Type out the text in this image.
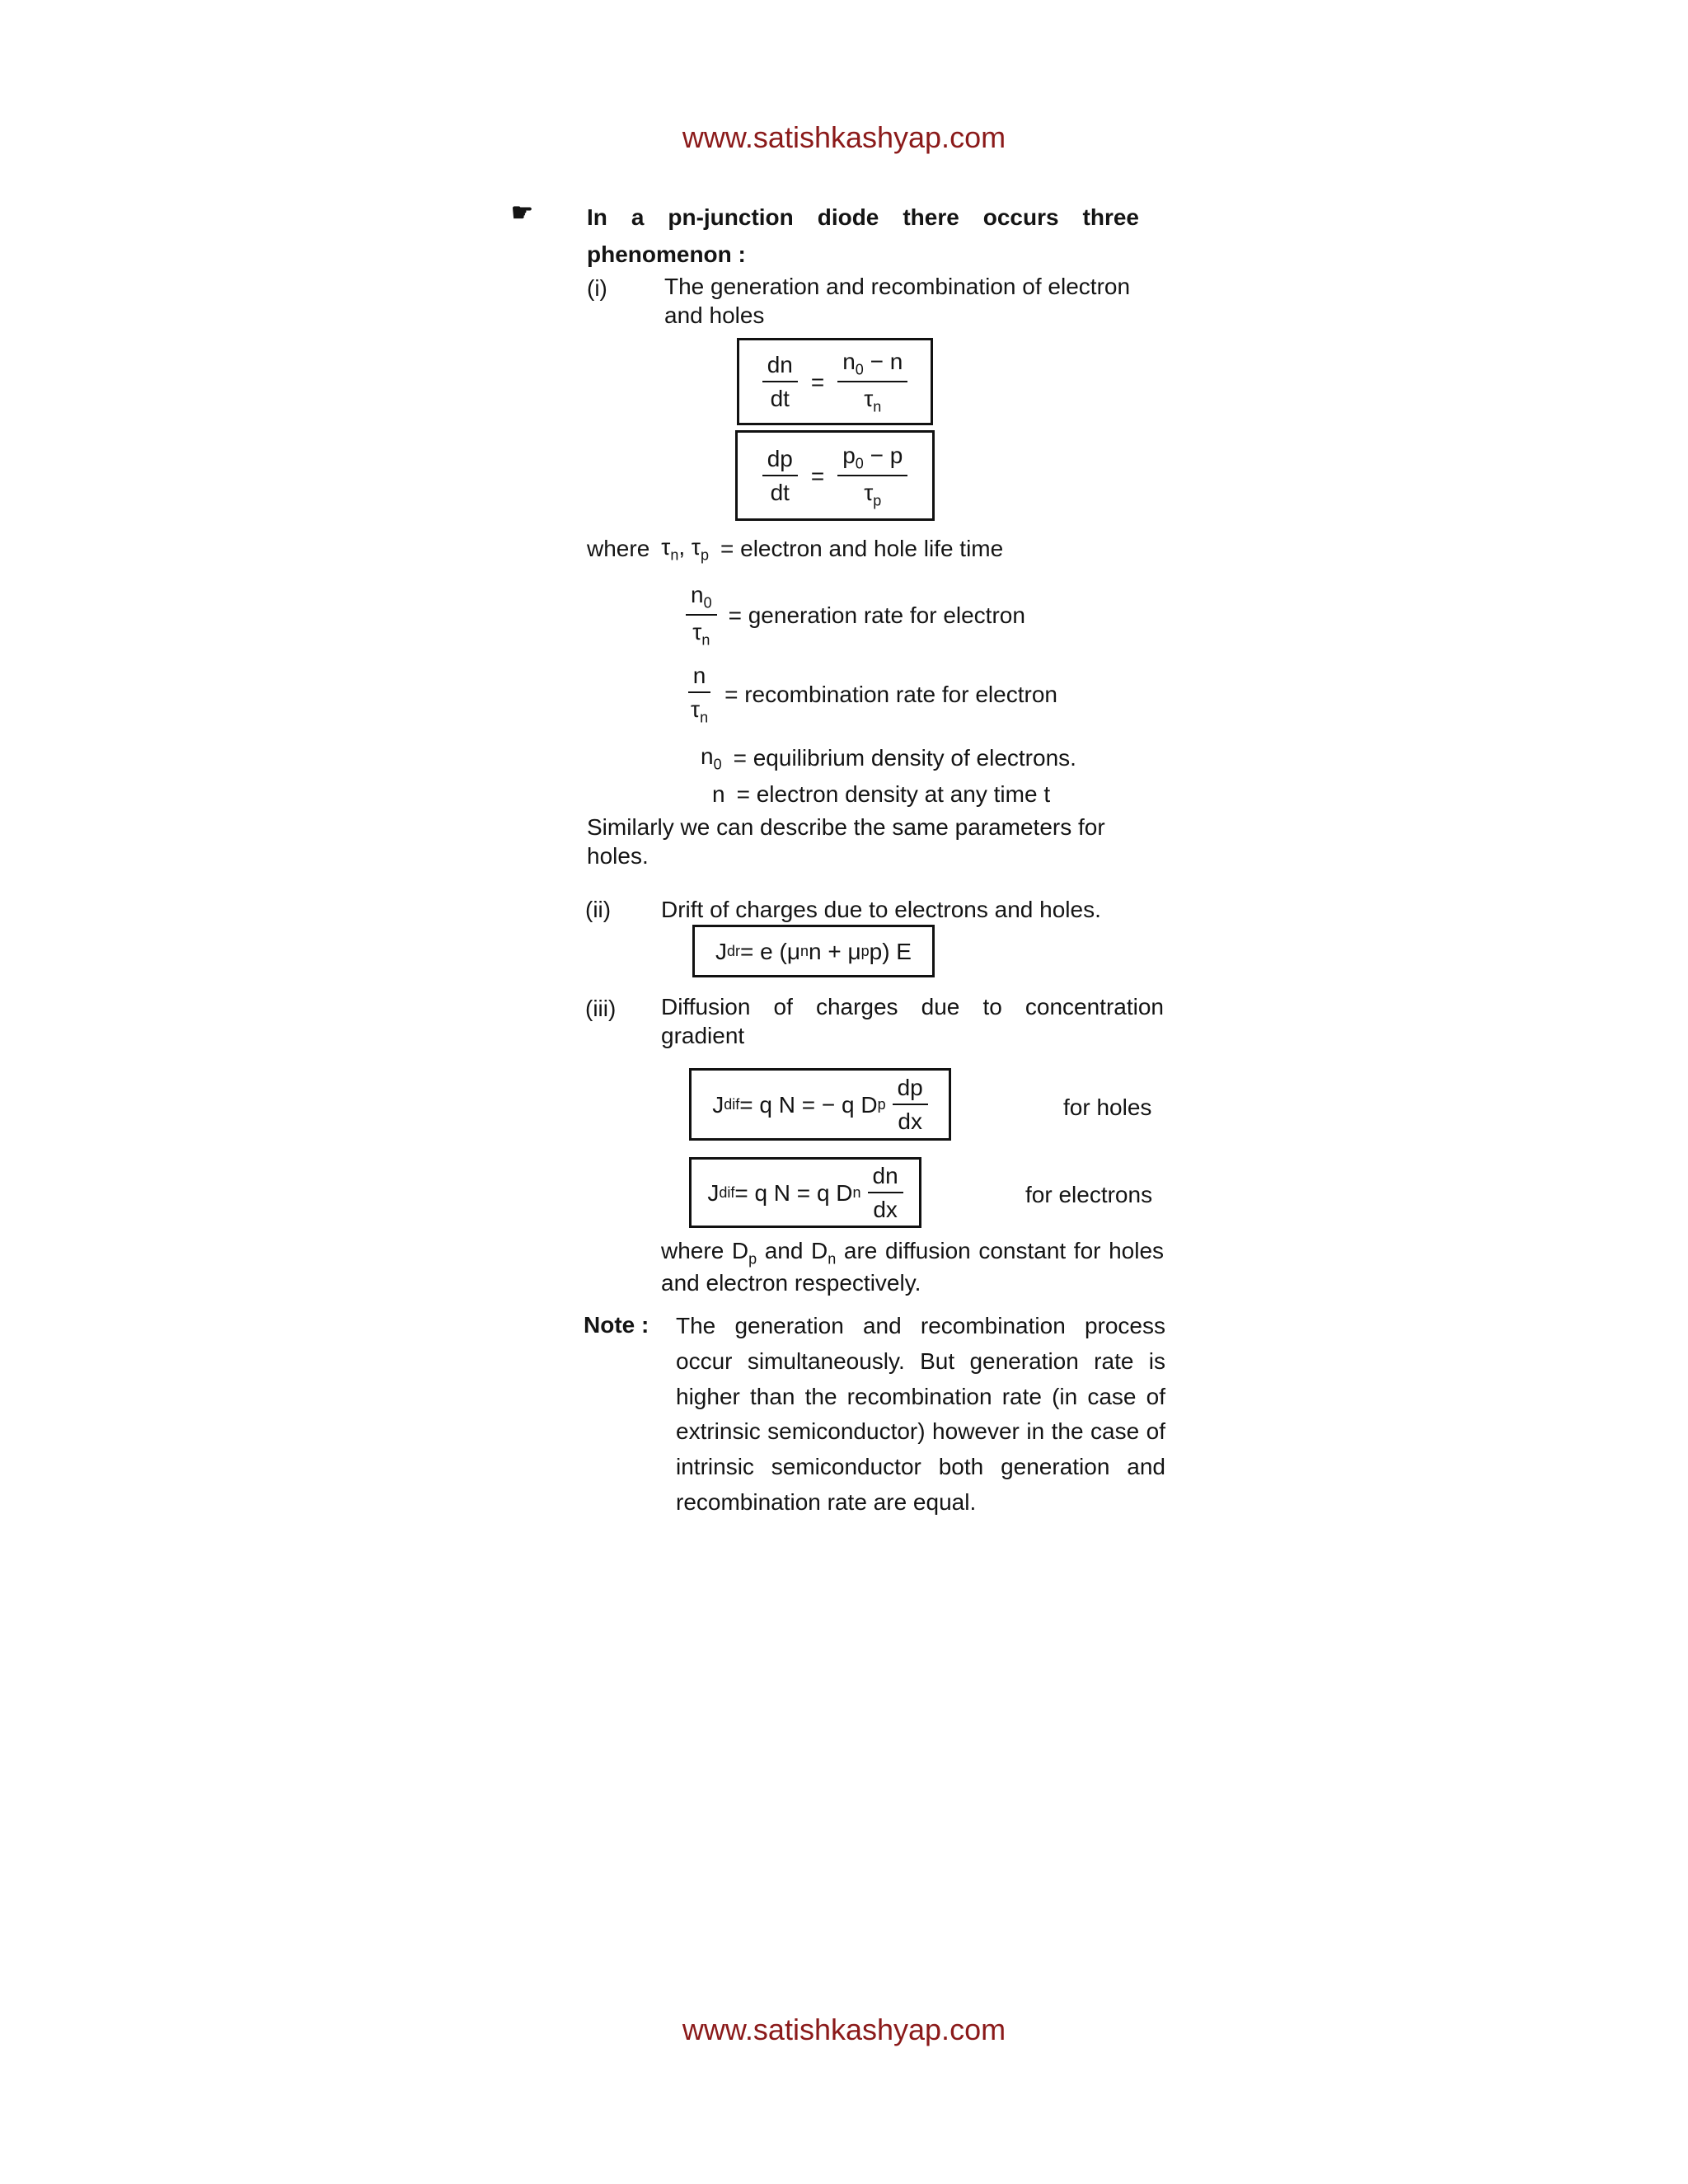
www.satishkashyap.com
☛ In a pn-junction diode there occurs three phenomenon :
(i) The generation and recombination of electron and holes
$\frac{dn}{dt} = \frac{n_0 - n}{\tau_n}$
$\frac{dp}{dt} = \frac{p_0 - p}{\tau_p}$
where $\tau_n$, $\tau_p$ = electron and hole life time
$\frac{n_0}{\tau_n}$ = generation rate for electron
$\frac{n}{\tau_n}$ = recombination rate for electron
$n_0$ = equilibrium density of electrons.
n = electron density at any time t
Similarly we can describe the same parameters for holes.
(ii) Drift of charges due to electrons and holes.
J dr = e (μ n n + μ p p) E
(iii) Diffusion of charges due to concentration gradient
J dif = q N = − q D p $\frac{dp}{dx}$	for holes
J dif = q N = q D n $\frac{dn}{dx}$	for electrons
where $D_p$ and $D_n$ are diffusion constant for holes and electron respectively.
Note : The generation and recombination process occur simultaneously. But generation rate is higher than the recombination rate (in case of extrinsic semiconductor) however in the case of intrinsic semiconductor both generation and recombination rate are equal.
www.satishkashyap.com
